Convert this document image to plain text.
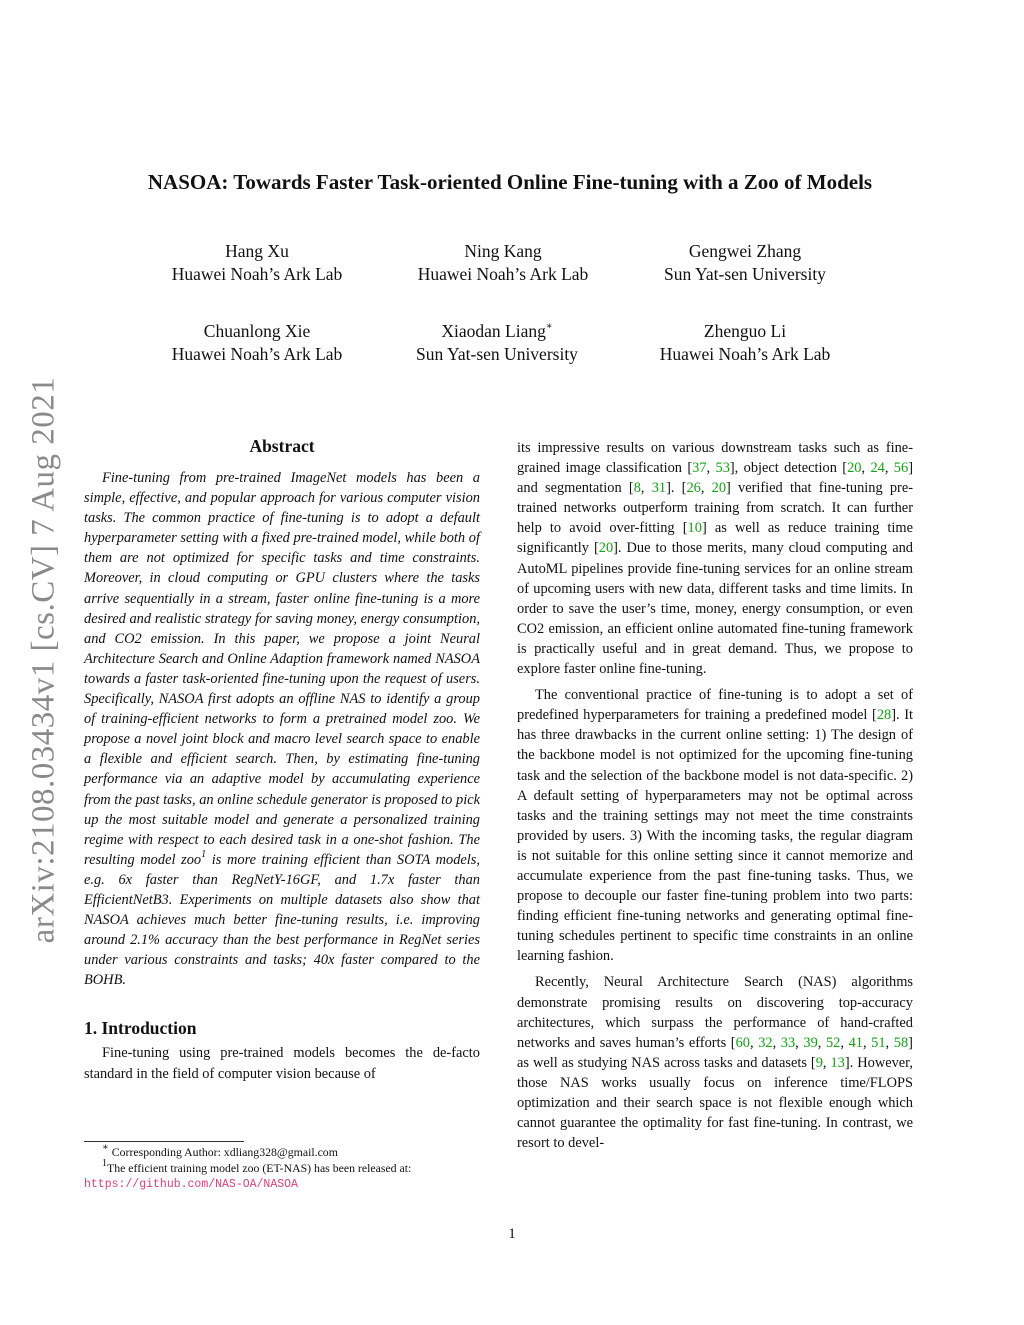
arXiv:2108.03434v1 [cs.CV] 7 Aug 2021
NASOA: Towards Faster Task-oriented Online Fine-tuning with a Zoo of Models
Hang Xu
Huawei Noah’s Ark Lab
Ning Kang
Huawei Noah’s Ark Lab
Gengwei Zhang
Sun Yat-sen University
Chuanlong Xie
Huawei Noah’s Ark Lab
Xiaodan Liang∗
Sun Yat-sen University
Zhenguo Li
Huawei Noah’s Ark Lab
Abstract

Fine-tuning from pre-trained ImageNet models has been a simple, effective, and popular approach for various computer vision tasks. The common practice of fine-tuning is to adopt a default hyperparameter setting with a fixed pre-trained model, while both of them are not optimized for specific tasks and time constraints. Moreover, in cloud computing or GPU clusters where the tasks arrive sequentially in a stream, faster online fine-tuning is a more desired and realistic strategy for saving money, energy consumption, and CO2 emission. In this paper, we propose a joint Neural Architecture Search and Online Adaption framework named NASOA towards a faster task-oriented fine-tuning upon the request of users. Specifically, NASOA first adopts an offline NAS to identify a group of training-efficient networks to form a pretrained model zoo. We propose a novel joint block and macro level search space to enable a flexible and efficient search. Then, by estimating fine-tuning performance via an adaptive model by accumulating experience from the past tasks, an online schedule generator is proposed to pick up the most suitable model and generate a personalized training regime with respect to each desired task in a one-shot fashion. The resulting model zoo$^1$ is more training efficient than SOTA models, e.g. 6x faster than RegNetY-16GF, and 1.7x faster than EfficientNetB3. Experiments on multiple datasets also show that NASOA achieves much better fine-tuning results, i.e. improving around 2.1% accuracy than the best performance in RegNet series under various constraints and tasks; 40x faster compared to the BOHB.

1. Introduction

Fine-tuning using pre-trained models becomes the de-facto standard in the field of computer vision because of

∗ Corresponding Author: xdliang328@gmail.com

$^1$The efficient training model zoo (ET-NAS) has been released at:
https://github.com/NAS-OA/NASOA

its impressive results on various downstream tasks such as fine-grained image classification [37, 53], object detection [20, 24, 56] and segmentation [8, 31]. [26, 20] verified that fine-tuning pre-trained networks outperform training from scratch. It can further help to avoid over-fitting [10] as well as reduce training time significantly [20]. Due to those merits, many cloud computing and AutoML pipelines provide fine-tuning services for an online stream of upcoming users with new data, different tasks and time limits. In order to save the user’s time, money, energy consumption, or even CO2 emission, an efficient online automated fine-tuning framework is practically useful and in great demand. Thus, we propose to explore faster online fine-tuning.

The conventional practice of fine-tuning is to adopt a set of predefined hyperparameters for training a predefined model [28]. It has three drawbacks in the current online setting: 1) The design of the backbone model is not optimized for the upcoming fine-tuning task and the selection of the backbone model is not data-specific. 2) A default setting of hyperparameters may not be optimal across tasks and the training settings may not meet the time constraints provided by users. 3) With the incoming tasks, the regular diagram is not suitable for this online setting since it cannot memorize and accumulate experience from the past fine-tuning tasks. Thus, we propose to decouple our faster fine-tuning problem into two parts: finding efficient fine-tuning networks and generating optimal fine-tuning schedules pertinent to specific time constraints in an online learning fashion.

Recently, Neural Architecture Search (NAS) algorithms demonstrate promising results on discovering top-accuracy architectures, which surpass the performance of hand-crafted networks and saves human’s efforts [60, 32, 33, 39, 52, 41, 51, 58] as well as studying NAS across tasks and datasets [9, 13]. However, those NAS works usually focus on inference time/FLOPS optimization and their search space is not flexible enough which cannot guarantee the optimality for fast fine-tuning. In contrast, we resort to devel-

1
